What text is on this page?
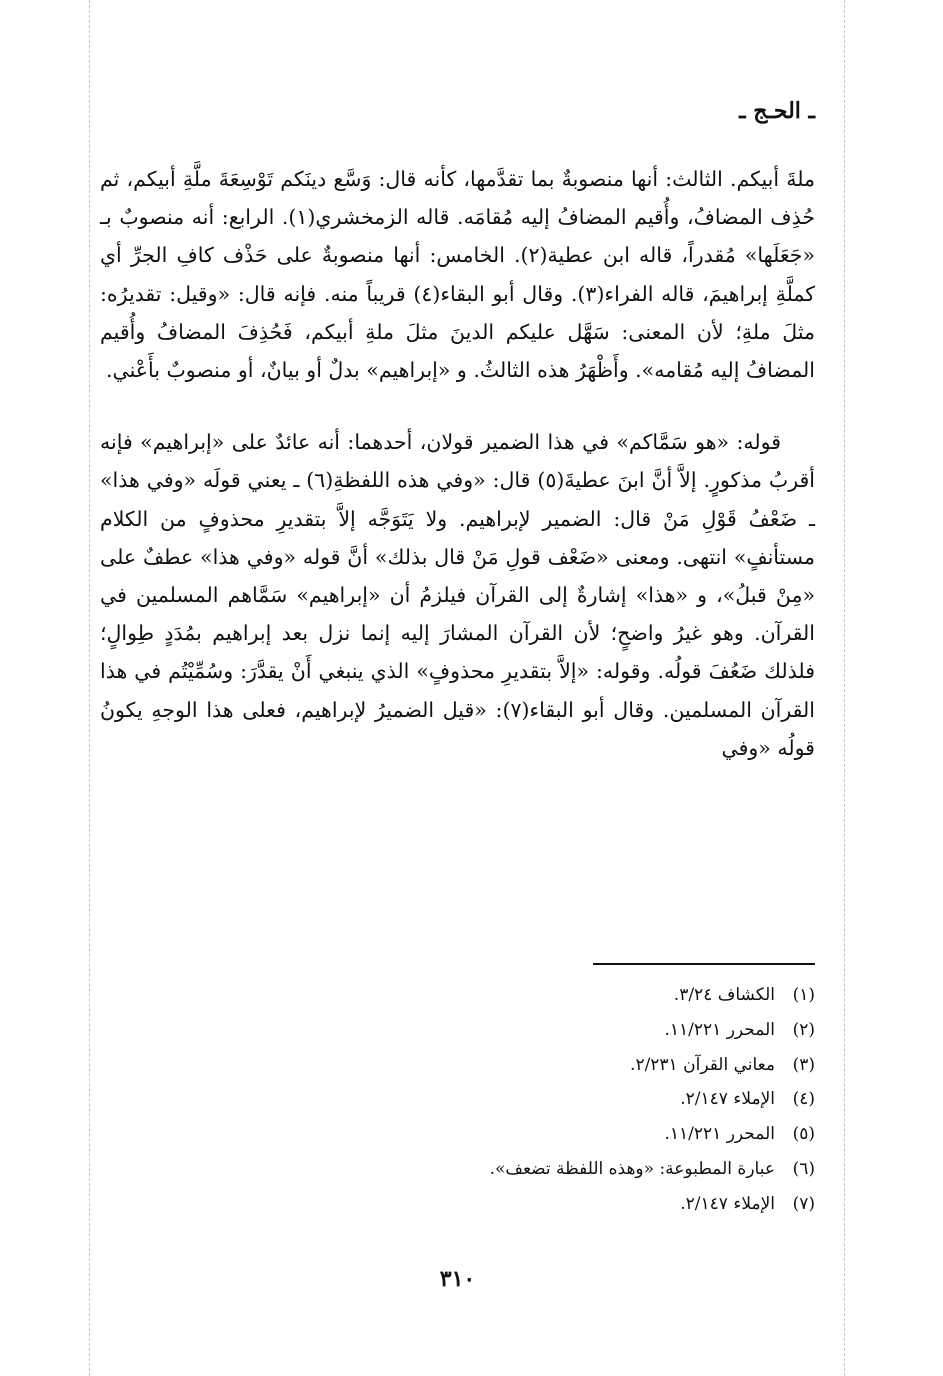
ـ الحـج ـ

ملةَ أبيكم. الثالث: أنها منصوبةٌ بما تقدَّمها، كأنه قال: وَسَّع دينَكم تَوْسِعَةَ ملَّةِ أبيكم، ثم حُذِف المضافُ، وأُقيم المضافُ إليه مُقامَه. قاله الزمخشري(١). الرابع: أنه منصوبٌ بـ «جَعَلَها» مُقدراً، قاله ابن عطية(٢). الخامس: أنها منصوبةٌ على حَذْف كافِ الجرِّ أي كملَّةِ إبراهيمَ، قاله الفراء(٣). وقال أبو البقاء(٤) قريباً منه. فإنه قال: «وقيل: تقديرُه: مثلَ ملةِ؛ لأن المعنى: سَهَّل عليكم الدينَ مثلَ ملةِ أبيكم، فَحُذِفَ المضافُ وأُقيم المضافُ إليه مُقامه». وأَظْهَرُ هذه الثالثُ. و «إبراهيم» بدلٌ أو بيانٌ، أو منصوبٌ بأَعْني.

قوله: «هو سَمَّاكم» في هذا الضمير قولان، أحدهما: أنه عائدٌ على «إبراهيم» فإنه أقربُ مذكورٍ. إلاَّ أنَّ ابنَ عطيةَ(٥) قال: «وفي هذه اللفظةِ(٦) ـ يعني قولَه «وفي هذا» ـ ضَعْفُ قَوْلِ مَنْ قال: الضمير لإبراهيم. ولا يَتَوَجَّه إلاَّ بتقديرِ محذوفٍ من الكلام مستأنفٍ» انتهى. ومعنى «ضَعْف قولِ مَنْ قال بذلك» أنَّ قوله «وفي هذا» عطفٌ على «مِنْ قبلُ»، و «هذا» إشارةٌ إلى القرآن فيلزمُ أن «إبراهيم» سَمَّاهم المسلمين في القرآن. وهو غيرُ واضحٍ؛ لأن القرآن المشارَ إليه إنما نزل بعد إبراهيم بمُدَدٍ طِوالٍ؛ فلذلك ضَعُفَ قولُه. وقوله: «إلاَّ بتقديرِ محذوفٍ» الذي ينبغي أَنْ يقدَّرَ: وسُمِّيْتُم في هذا القرآن المسلمين. وقال أبو البقاء(٧): «قيل الضميرُ لإبراهيم، فعلى هذا الوجهِ يكونُ قولُه «وفي

(١)الكشاف ٣/٢٤.
(٢)المحرر ١١/٢٢١.
(٣)معاني القرآن ٢/٢٣١.
(٤)الإملاء ٢/١٤٧.
(٥)المحرر ١١/٢٢١.
(٦)عبارة المطبوعة: «وهذه اللفظة تضعف».
(٧)الإملاء ٢/١٤٧.
٣١٠
